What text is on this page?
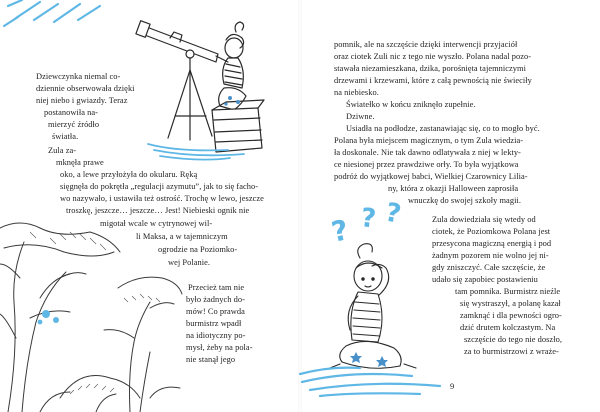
Dziewczynka niemal co-
dziennie obserwowała dzięki
niej niebo i gwiazdy. Teraz
postanowiła na-
mierzyć źródło
światła.
Zula za-
mknęła prawe
oko, a lewe przyłożyła do okularu. Ręką
sięgnęła do pokrętła „regulacji azymutu”, jak to się facho-
wo nazywało, i ustawiła też ostrość. Trochę w lewo, jeszcze
troszkę, jeszcze… jeszcze… Jest! Niebieski ognik nie
migotał wcale w cytrynowej wil-
li Maksa, a w tajemniczym
ogrodzie na Poziomko-
wej Polanie.
Przecież tam nie
było żadnych do-
mów! Co prawda
burmistrz wpadł
na idiotyczny po-
mysł, żeby na pola-
nie stanął jego
pomnik, ale na szczęście dzięki interwencji przyjaciół
oraz ciotek Zuli nic z tego nie wyszło. Polana nadal pozo-
stawała niezamieszkana, dzika, porośnięta tajemniczymi
drzewami i krzewami, które z całą pewnością nie świeciły
na niebiesko.
Światełko w końcu zniknęło zupełnie.
Dziwne.
Usiadła na podłodze, zastanawiając się, co to mogło być.
Polana była miejscem magicznym, o tym Zula wiedzia-
ła doskonale. Nie tak dawno odlatywała z niej w lekty-
ce niesionej przez prawdziwe orły. To była wyjątkowa
podróż do wyjątkowej babci, Wielkiej Czarownicy Lilia-
ny, która z okazji Halloween zaprosiła
wnuczkę do swojej szkoły magii.
Zula dowiedziała się wtedy od
ciotek, że Poziomkowa Polana jest
przesycona magiczną energią i pod
żadnym pozorem nie wolno jej ni-
gdy zniszczyć. Całe szczęście, że
udało się zapobiec postawieniu
tam pomnika. Burmistrz nieźle
się wystraszył, a polanę kazał
zamknąć i dla pewności ogro-
dzić drutem kolczastym. Na
szczęście do tego nie doszło,
za to burmistrzowi z wraże-
? ? ?
9
